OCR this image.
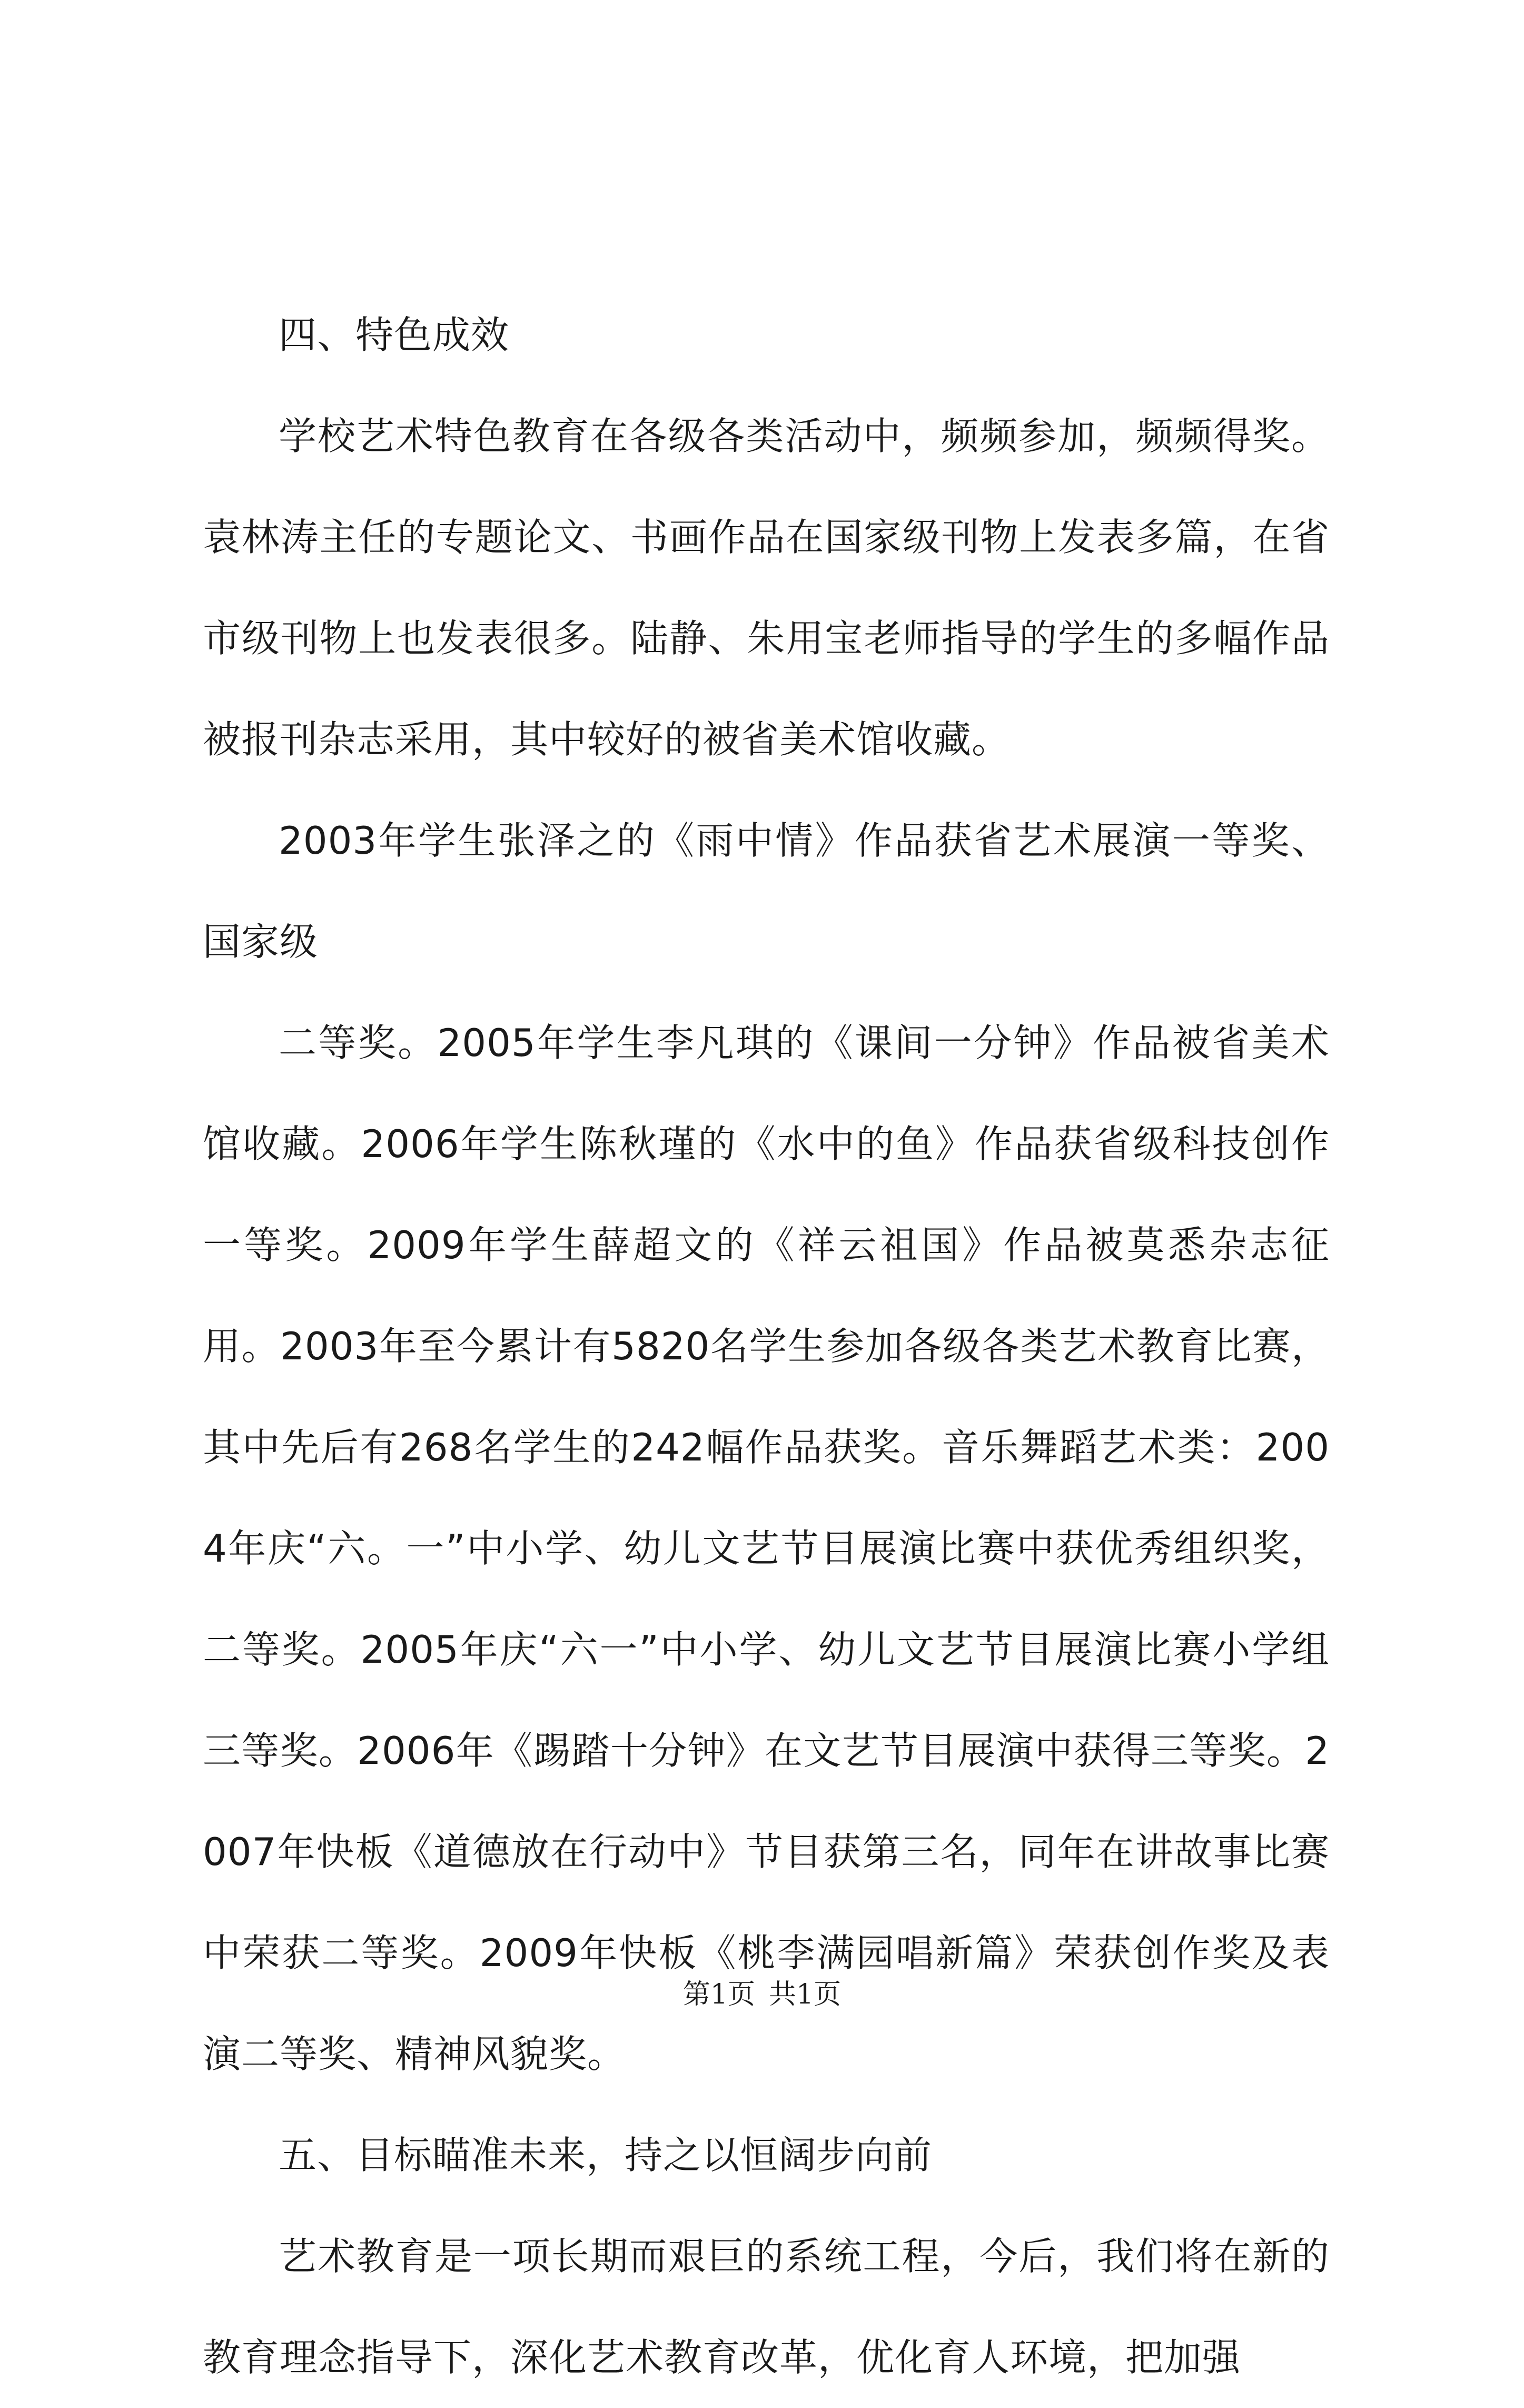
四、特色成效

学校艺术特色教育在各级各类活动中，频频参加，频频得奖。袁林涛主任的专题论文、书画作品在国家级刊物上发表多篇，在省市级刊物上也发表很多。陆静、朱用宝老师指导的学生的多幅作品被报刊杂志采用，其中较好的被省美术馆收藏。

2003年学生张泽之的《雨中情》作品获省艺术展演一等奖、国家级

二等奖。2005年学生李凡琪的《课间一分钟》作品被省美术馆收藏。2006年学生陈秋瑾的《水中的鱼》作品获省级科技创作一等奖。2009年学生薛超文的《祥云祖国》作品被莫悉杂志征用。2003年至今累计有5820名学生参加各级各类艺术教育比赛，其中先后有268名学生的242幅作品获奖。音乐舞蹈艺术类：2004年庆“六。一”中小学、幼儿文艺节目展演比赛中获优秀组织奖，二等奖。2005年庆“六一”中小学、幼儿文艺节目展演比赛小学组三等奖。2006年《踢踏十分钟》在文艺节目展演中获得三等奖。2007年快板《道德放在行动中》节目获第三名，同年在讲故事比赛中荣获二等奖。2009年快板《桃李满园唱新篇》荣获创作奖及表演二等奖、精神风貌奖。

五、目标瞄准未来，持之以恒阔步向前

艺术教育是一项长期而艰巨的系统工程，今后，我们将在新的教育理念指导下，深化艺术教育改革，优化育人环境，把加强

第1页 共1页
